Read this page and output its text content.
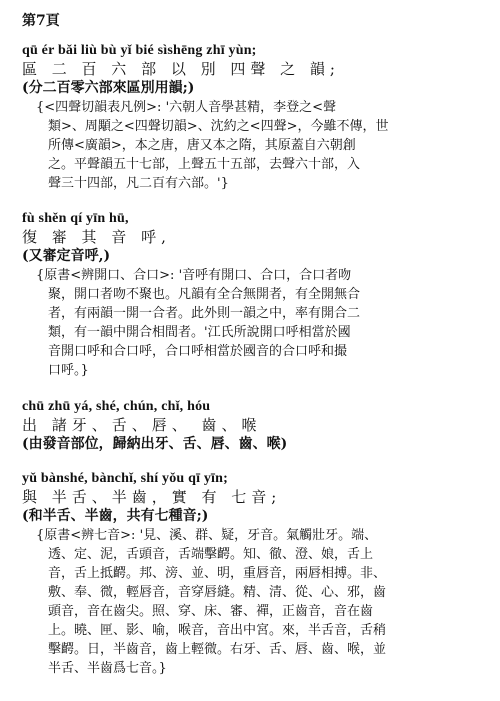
第7頁
qū ér bǎi liù bù yǐ bié sìshēng zhī yùn;
區 二 百 六 部 以 別 四聲 之 韻;
(分二百零六部來區別用韻;)
{<四聲切韻表凡例>: '六朝人音學甚精，李登之<聲
類>、周顒之<四聲切韻>、沈約之<四聲>，今雖不傳，世
所傳<廣韻>，本之唐，唐又本之隋，其原蓋自六朝創
之。平聲韻五十七部，上聲五十五部，去聲六十部，入
聲三十四部，凡二百有六部。'}
fù shěn qí yīn hū,
復 審 其 音 呼,
(又審定音呼,)
{原書<辨開口、合口>: '音呼有開口、合口，合口者吻
聚，開口者吻不聚也。凡韻有全合無開者，有全開無合
者，有兩韻一開一合者。此外則一韻之中，率有開合二
類，有一韻中開合相間者。'江氏所說開口呼相當於國
音開口呼和合口呼，合口呼相當於國音的合口呼和撮
口呼。}
chū zhū yá, shé, chún, chǐ, hóu
出 諸牙、舌、唇、 齒、喉
(由發音部位，歸納出牙、舌、唇、齒、喉)
yǔ bànshé, bànchǐ, shí yǒu qī yīn;
與 半舌、半齒，實 有 七音;
(和半舌、半齒，共有七種音;)
{原書<辨七音>: '見、溪、群、疑，牙音。氣觸壯牙。端、
透、定、泥，舌頭音，舌端擊齶。知、徹、澄、娘，舌上
音，舌上抵齶。邦、滂、並、明，重唇音，兩唇相搏。非、
敷、奉、微，輕唇音，音穿唇縫。精、清、從、心、邪，齒
頭音，音在齒尖。照、穿、床、審、禪，正齒音，音在齒
上。曉、匣、影、喻，喉音，音出中宮。來，半舌音，舌稍
擊齶。日，半齒音，齒上輕微。右牙、舌、唇、齒、喉，並
半舌、半齒爲七音。}
